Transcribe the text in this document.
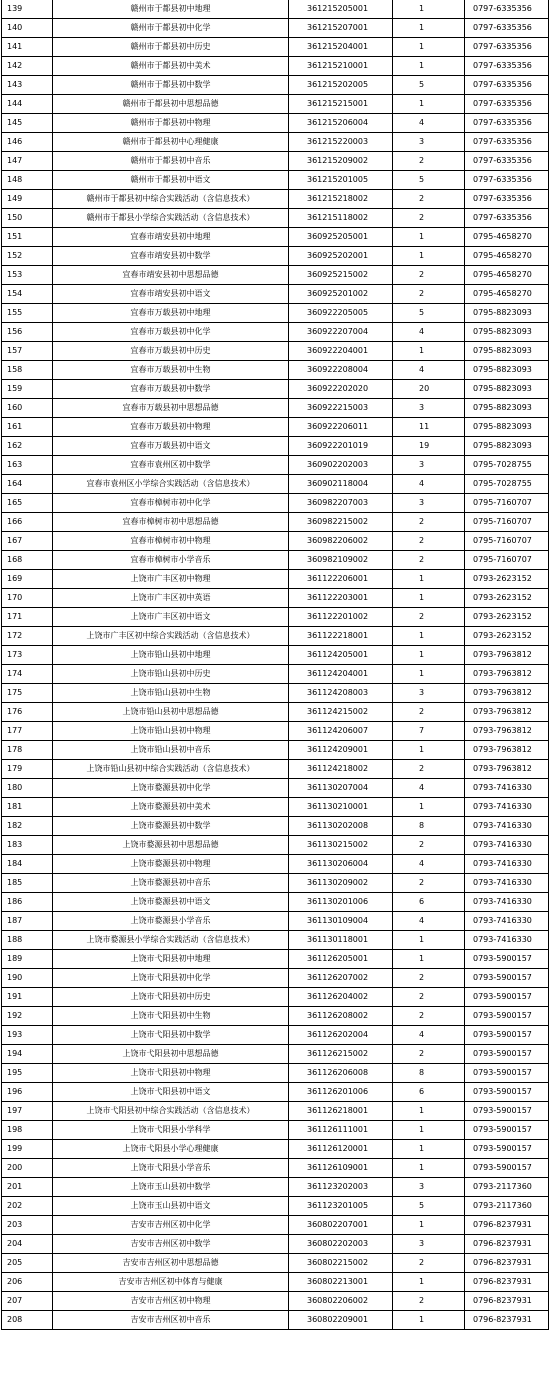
139	赣州市于都县初中地理	361215205001	1	0797-6335356
140	赣州市于都县初中化学	361215207001	1	0797-6335356
141	赣州市于都县初中历史	361215204001	1	0797-6335356
142	赣州市于都县初中美术	361215210001	1	0797-6335356
143	赣州市于都县初中数学	361215202005	5	0797-6335356
144	赣州市于都县初中思想品德	361215215001	1	0797-6335356
145	赣州市于都县初中物理	361215206004	4	0797-6335356
146	赣州市于都县初中心理健康	361215220003	3	0797-6335356
147	赣州市于都县初中音乐	361215209002	2	0797-6335356
148	赣州市于都县初中语文	361215201005	5	0797-6335356
149	赣州市于都县初中综合实践活动（含信息技术）	361215218002	2	0797-6335356
150	赣州市于都县小学综合实践活动（含信息技术）	361215118002	2	0797-6335356
151	宜春市靖安县初中地理	360925205001	1	0795-4658270
152	宜春市靖安县初中数学	360925202001	1	0795-4658270
153	宜春市靖安县初中思想品德	360925215002	2	0795-4658270
154	宜春市靖安县初中语文	360925201002	2	0795-4658270
155	宜春市万载县初中地理	360922205005	5	0795-8823093
156	宜春市万载县初中化学	360922207004	4	0795-8823093
157	宜春市万载县初中历史	360922204001	1	0795-8823093
158	宜春市万载县初中生物	360922208004	4	0795-8823093
159	宜春市万载县初中数学	360922202020	20	0795-8823093
160	宜春市万载县初中思想品德	360922215003	3	0795-8823093
161	宜春市万载县初中物理	360922206011	11	0795-8823093
162	宜春市万载县初中语文	360922201019	19	0795-8823093
163	宜春市袁州区初中数学	360902202003	3	0795-7028755
164	宜春市袁州区小学综合实践活动（含信息技术）	360902118004	4	0795-7028755
165	宜春市樟树市初中化学	360982207003	3	0795-7160707
166	宜春市樟树市初中思想品德	360982215002	2	0795-7160707
167	宜春市樟树市初中物理	360982206002	2	0795-7160707
168	宜春市樟树市小学音乐	360982109002	2	0795-7160707
169	上饶市广丰区初中物理	361122206001	1	0793-2623152
170	上饶市广丰区初中英语	361122203001	1	0793-2623152
171	上饶市广丰区初中语文	361122201002	2	0793-2623152
172	上饶市广丰区初中综合实践活动（含信息技术）	361122218001	1	0793-2623152
173	上饶市铅山县初中地理	361124205001	1	0793-7963812
174	上饶市铅山县初中历史	361124204001	1	0793-7963812
175	上饶市铅山县初中生物	361124208003	3	0793-7963812
176	上饶市铅山县初中思想品德	361124215002	2	0793-7963812
177	上饶市铅山县初中物理	361124206007	7	0793-7963812
178	上饶市铅山县初中音乐	361124209001	1	0793-7963812
179	上饶市铅山县初中综合实践活动（含信息技术）	361124218002	2	0793-7963812
180	上饶市婺源县初中化学	361130207004	4	0793-7416330
181	上饶市婺源县初中美术	361130210001	1	0793-7416330
182	上饶市婺源县初中数学	361130202008	8	0793-7416330
183	上饶市婺源县初中思想品德	361130215002	2	0793-7416330
184	上饶市婺源县初中物理	361130206004	4	0793-7416330
185	上饶市婺源县初中音乐	361130209002	2	0793-7416330
186	上饶市婺源县初中语文	361130201006	6	0793-7416330
187	上饶市婺源县小学音乐	361130109004	4	0793-7416330
188	上饶市婺源县小学综合实践活动（含信息技术）	361130118001	1	0793-7416330
189	上饶市弋阳县初中地理	361126205001	1	0793-5900157
190	上饶市弋阳县初中化学	361126207002	2	0793-5900157
191	上饶市弋阳县初中历史	361126204002	2	0793-5900157
192	上饶市弋阳县初中生物	361126208002	2	0793-5900157
193	上饶市弋阳县初中数学	361126202004	4	0793-5900157
194	上饶市弋阳县初中思想品德	361126215002	2	0793-5900157
195	上饶市弋阳县初中物理	361126206008	8	0793-5900157
196	上饶市弋阳县初中语文	361126201006	6	0793-5900157
197	上饶市弋阳县初中综合实践活动（含信息技术）	361126218001	1	0793-5900157
198	上饶市弋阳县小学科学	361126111001	1	0793-5900157
199	上饶市弋阳县小学心理健康	361126120001	1	0793-5900157
200	上饶市弋阳县小学音乐	361126109001	1	0793-5900157
201	上饶市玉山县初中数学	361123202003	3	0793-2117360
202	上饶市玉山县初中语文	361123201005	5	0793-2117360
203	吉安市吉州区初中化学	360802207001	1	0796-8237931
204	吉安市吉州区初中数学	360802202003	3	0796-8237931
205	吉安市吉州区初中思想品德	360802215002	2	0796-8237931
206	吉安市吉州区初中体育与健康	360802213001	1	0796-8237931
207	吉安市吉州区初中物理	360802206002	2	0796-8237931
208	吉安市吉州区初中音乐	360802209001	1	0796-8237931
